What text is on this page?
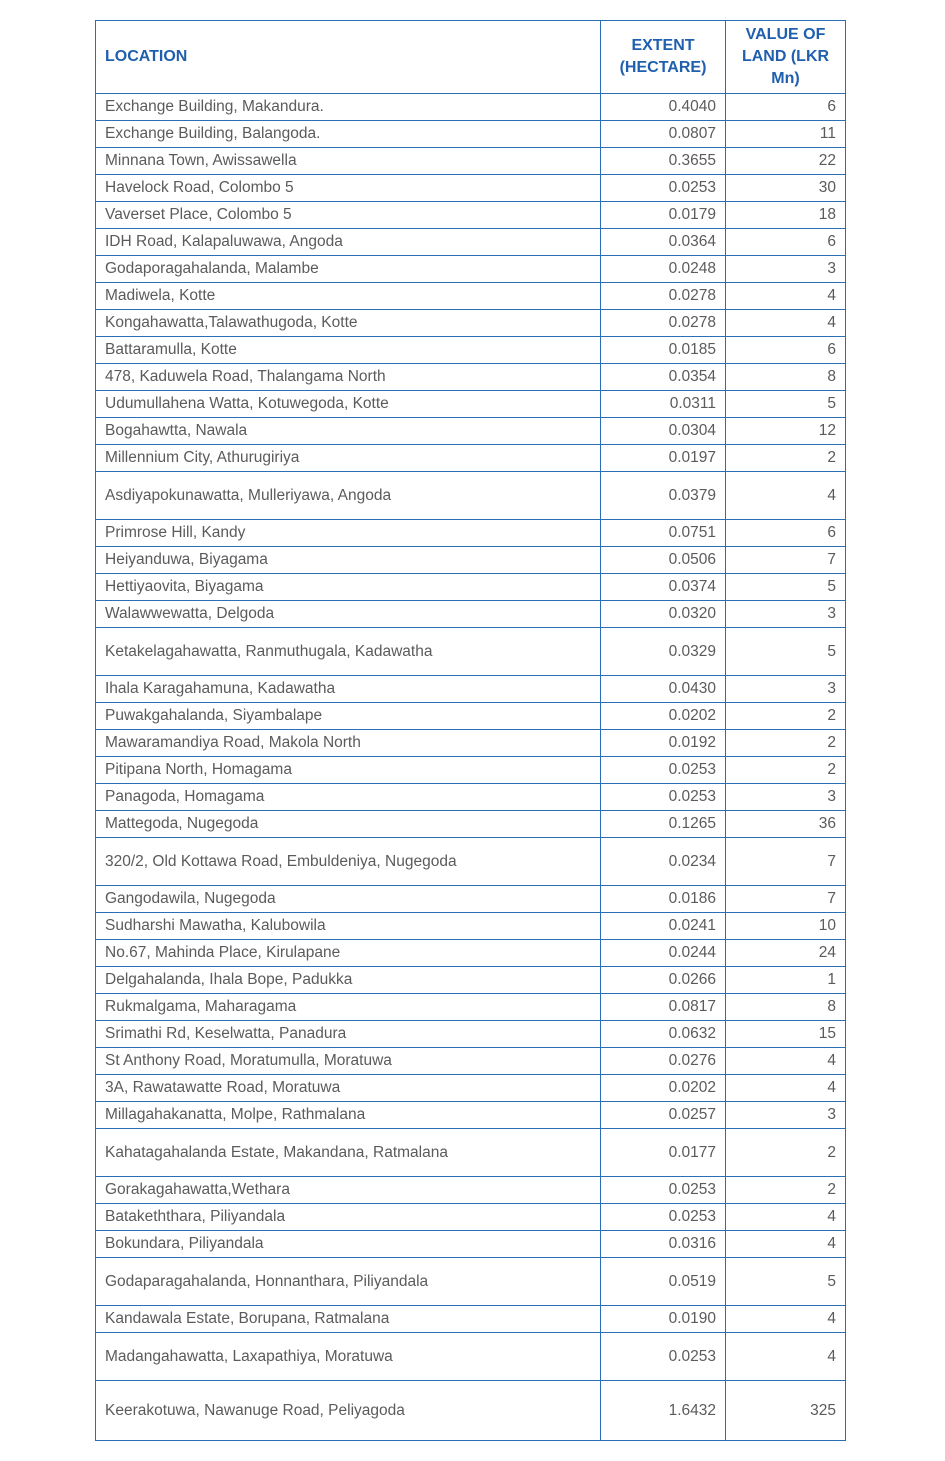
LOCATION	EXTENT (HECTARE)	VALUE OF LAND (LKR Mn)
Exchange Building, Makandura.	0.4040	6
Exchange Building, Balangoda.	0.0807	11
Minnana Town, Awissawella	0.3655	22
Havelock Road, Colombo 5	0.0253	30
Vaverset Place, Colombo 5	0.0179	18
IDH Road, Kalapaluwawa, Angoda	0.0364	6
Godaporagahalanda, Malambe	0.0248	3
Madiwela, Kotte	0.0278	4
Kongahawatta,Talawathugoda, Kotte	0.0278	4
Battaramulla, Kotte	0.0185	6
478, Kaduwela Road, Thalangama North	0.0354	8
Udumullahena Watta, Kotuwegoda, Kotte	0.0311	5
Bogahawtta, Nawala	0.0304	12
Millennium City, Athurugiriya	0.0197	2
Asdiyapokunawatta, Mulleriyawa, Angoda	0.0379	4
Primrose Hill, Kandy	0.0751	6
Heiyanduwa, Biyagama	0.0506	7
Hettiyaovita, Biyagama	0.0374	5
Walawwewatta, Delgoda	0.0320	3
Ketakelagahawatta, Ranmuthugala, Kadawatha	0.0329	5
Ihala Karagahamuna, Kadawatha	0.0430	3
Puwakgahalanda, Siyambalape	0.0202	2
Mawaramandiya Road, Makola North	0.0192	2
Pitipana North, Homagama	0.0253	2
Panagoda, Homagama	0.0253	3
Mattegoda, Nugegoda	0.1265	36
320/2, Old Kottawa Road, Embuldeniya, Nugegoda	0.0234	7
Gangodawila, Nugegoda	0.0186	7
Sudharshi Mawatha, Kalubowila	0.0241	10
No.67, Mahinda Place, Kirulapane	0.0244	24
Delgahalanda, Ihala Bope, Padukka	0.0266	1
Rukmalgama, Maharagama	0.0817	8
Srimathi Rd, Keselwatta, Panadura	0.0632	15
St Anthony Road, Moratumulla, Moratuwa	0.0276	4
3A, Rawatawatte Road, Moratuwa	0.0202	4
Millagahakanatta, Molpe, Rathmalana	0.0257	3
Kahatagahalanda Estate, Makandana, Ratmalana	0.0177	2
Gorakagahawatta,Wethara	0.0253	2
Batakeththara, Piliyandala	0.0253	4
Bokundara, Piliyandala	0.0316	4
Godaparagahalanda, Honnanthara, Piliyandala	0.0519	5
Kandawala Estate, Borupana, Ratmalana	0.0190	4
Madangahawatta, Laxapathiya, Moratuwa	0.0253	4
Keerakotuwa, Nawanuge Road, Peliyagoda	1.6432	325
